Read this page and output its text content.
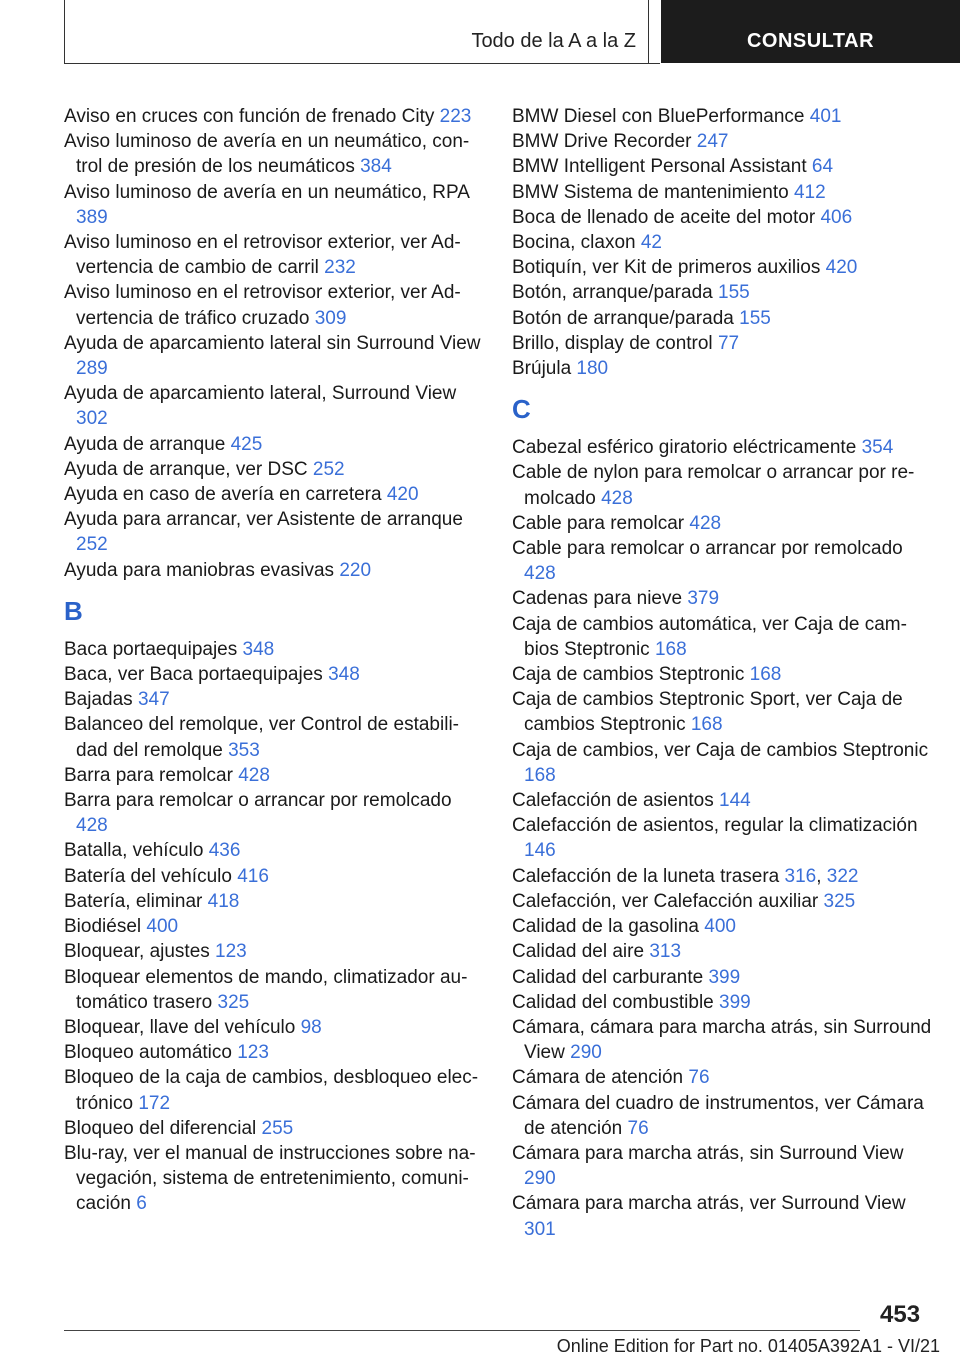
Todo de la A a la Z	CONSULTAR
Aviso en cruces con función de frenado City 223
Aviso luminoso de avería en un neumático, control de presión de los neumáticos 384
Aviso luminoso de avería en un neumático, RPA 389
Aviso luminoso en el retrovisor exterior, ver Advertencia de cambio de carril 232
Aviso luminoso en el retrovisor exterior, ver Advertencia de tráfico cruzado 309
Ayuda de aparcamiento lateral sin Surround View 289
Ayuda de aparcamiento lateral, Surround View 302
Ayuda de arranque 425
Ayuda de arranque, ver DSC 252
Ayuda en caso de avería en carretera 420
Ayuda para arrancar, ver Asistente de arranque 252
Ayuda para maniobras evasivas 220
B
Baca portaequipajes 348
Baca, ver Baca portaequipajes 348
Bajadas 347
Balanceo del remolque, ver Control de estabilidad del remolque 353
Barra para remolcar 428
Barra para remolcar o arrancar por remolcado 428
Batalla, vehículo 436
Batería del vehículo 416
Batería, eliminar 418
Biodiésel 400
Bloquear, ajustes 123
Bloquear elementos de mando, climatizador automático trasero 325
Bloquear, llave del vehículo 98
Bloqueo automático 123
Bloqueo de la caja de cambios, desbloqueo electrónico 172
Bloqueo del diferencial 255
Blu-ray, ver el manual de instrucciones sobre navegación, sistema de entretenimiento, comunicación 6
BMW Diesel con BluePerformance 401
BMW Drive Recorder 247
BMW Intelligent Personal Assistant 64
BMW Sistema de mantenimiento 412
Boca de llenado de aceite del motor 406
Bocina, claxon 42
Botiquín, ver Kit de primeros auxilios 420
Botón, arranque/parada 155
Botón de arranque/parada 155
Brillo, display de control 77
Brújula 180
C
Cabezal esférico giratorio eléctricamente 354
Cable de nylon para remolcar o arrancar por remolcado 428
Cable para remolcar 428
Cable para remolcar o arrancar por remolcado 428
Cadenas para nieve 379
Caja de cambios automática, ver Caja de cambios Steptronic 168
Caja de cambios Steptronic 168
Caja de cambios Steptronic Sport, ver Caja de cambios Steptronic 168
Caja de cambios, ver Caja de cambios Steptronic 168
Calefacción de asientos 144
Calefacción de asientos, regular la climatización 146
Calefacción de la luneta trasera 316, 322
Calefacción, ver Calefacción auxiliar 325
Calidad de la gasolina 400
Calidad del aire 313
Calidad del carburante 399
Calidad del combustible 399
Cámara, cámara para marcha atrás, sin Surround View 290
Cámara de atención 76
Cámara del cuadro de instrumentos, ver Cámara de atención 76
Cámara para marcha atrás, sin Surround View 290
Cámara para marcha atrás, ver Surround View 301
453
Online Edition for Part no. 01405A392A1 - VI/21
